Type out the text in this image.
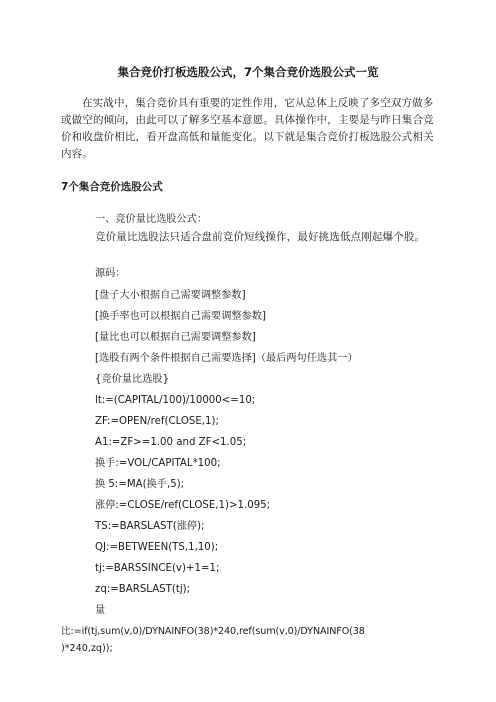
集合竞价打板选股公式，7个集合竞价选股公式一览
在实战中，集合竞价具有重要的定性作用，它从总体上反映了多空双方做多或做空的倾向，由此可以了解多空基本意愿。具体操作中，主要是与昨日集合竞价和收盘价相比，看开盘高低和量能变化。以下就是集合竞价打板选股公式相关内容。
7个集合竞价选股公式
一、竞价量比选股公式：
竞价量比选股法只适合盘前竞价短线操作，最好挑选低点刚起爆个股。
源码：
[盘子大小根据自己需要调整参数]
[换手率也可以根据自己需要调整参数]
[量比也可以根据自己需要调整参数]
[选股有两个条件根据自己需要选择]（最后两句任选其一）
{竞价量比选股}
lt:=(CAPITAL/100)/10000<=10;
ZF:=OPEN/ref(CLOSE,1);
A1:=ZF>=1.00 and ZF<1.05;
换手:=VOL/CAPITAL*100;
换 5:=MA(换手,5);
涨停:=CLOSE/ref(CLOSE,1)>1.095;
TS:=BARSLAST(涨停);
QJ:=BETWEEN(TS,1,10);
tj:=BARSSINCE(v)+1=1;
zq:=BARSLAST(tj);
量
比:=if(tj,sum(v,0)/DYNAINFO(38)*240,ref(sum(v,0)/DYNAINFO(38
)*240,zq));
